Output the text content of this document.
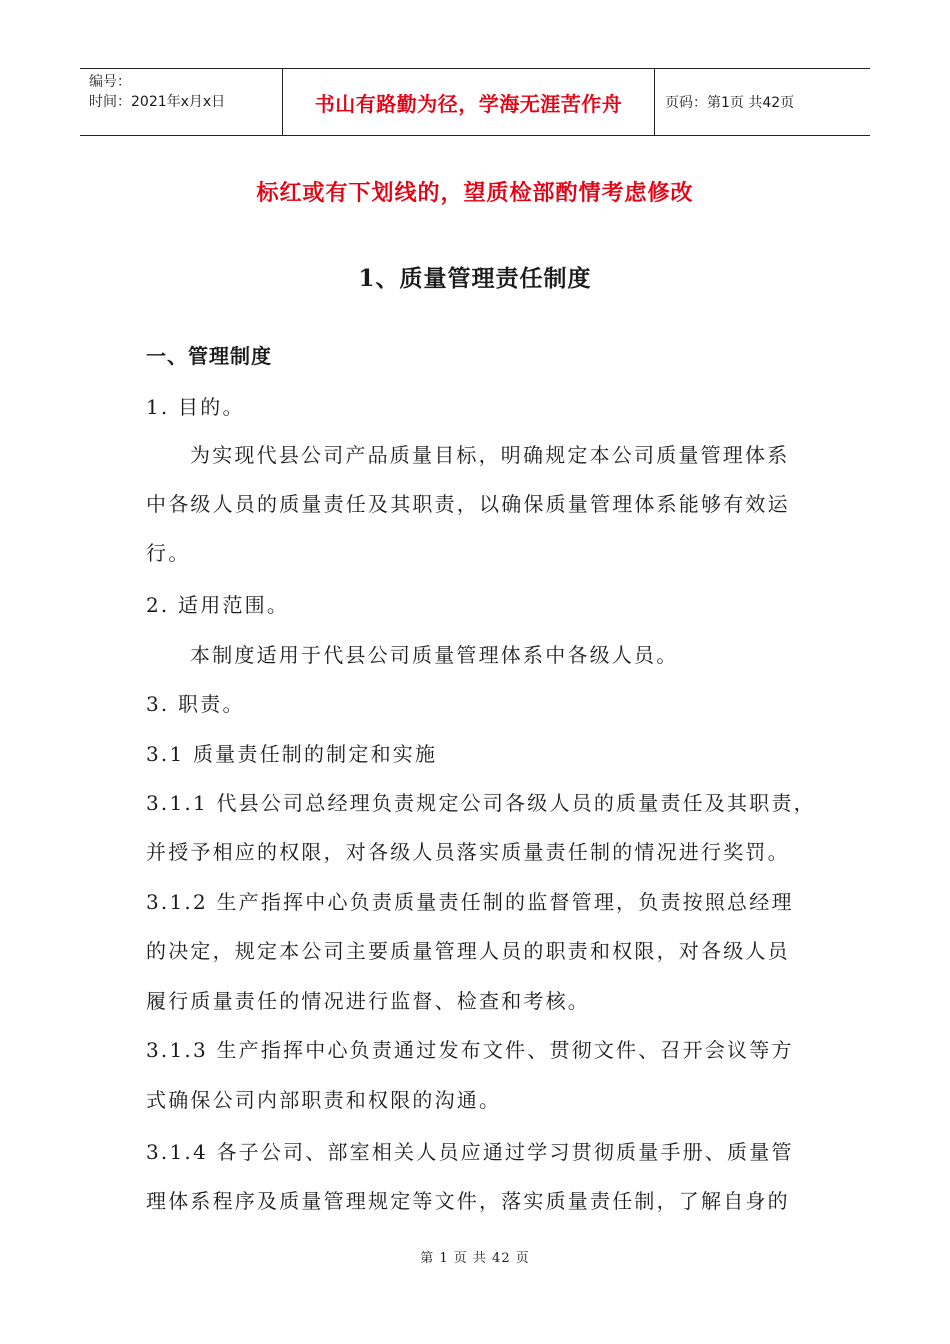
编号：
时间：2021年x月x日	书山有路勤为径，学海无涯苦作舟	页码：第1页 共42页
标红或有下划线的，望质检部酌情考虑修改
1、质量管理责任制度
一、管理制度
1. 目的。
为实现代县公司产品质量目标，明确规定本公司质量管理体系
中各级人员的质量责任及其职责，以确保质量管理体系能够有效运
行。
2. 适用范围。
本制度适用于代县公司质量管理体系中各级人员。
3. 职责。
3.1 质量责任制的制定和实施
3.1.1 代县公司总经理负责规定公司各级人员的质量责任及其职责，
并授予相应的权限，对各级人员落实质量责任制的情况进行奖罚。
3.1.2 生产指挥中心负责质量责任制的监督管理，负责按照总经理
的决定，规定本公司主要质量管理人员的职责和权限，对各级人员
履行质量责任的情况进行监督、检查和考核。
3.1.3 生产指挥中心负责通过发布文件、贯彻文件、召开会议等方
式确保公司内部职责和权限的沟通。
3.1.4 各子公司、部室相关人员应通过学习贯彻质量手册、质量管
理体系程序及质量管理规定等文件，落实质量责任制，了解自身的
第 1 页 共 42 页
